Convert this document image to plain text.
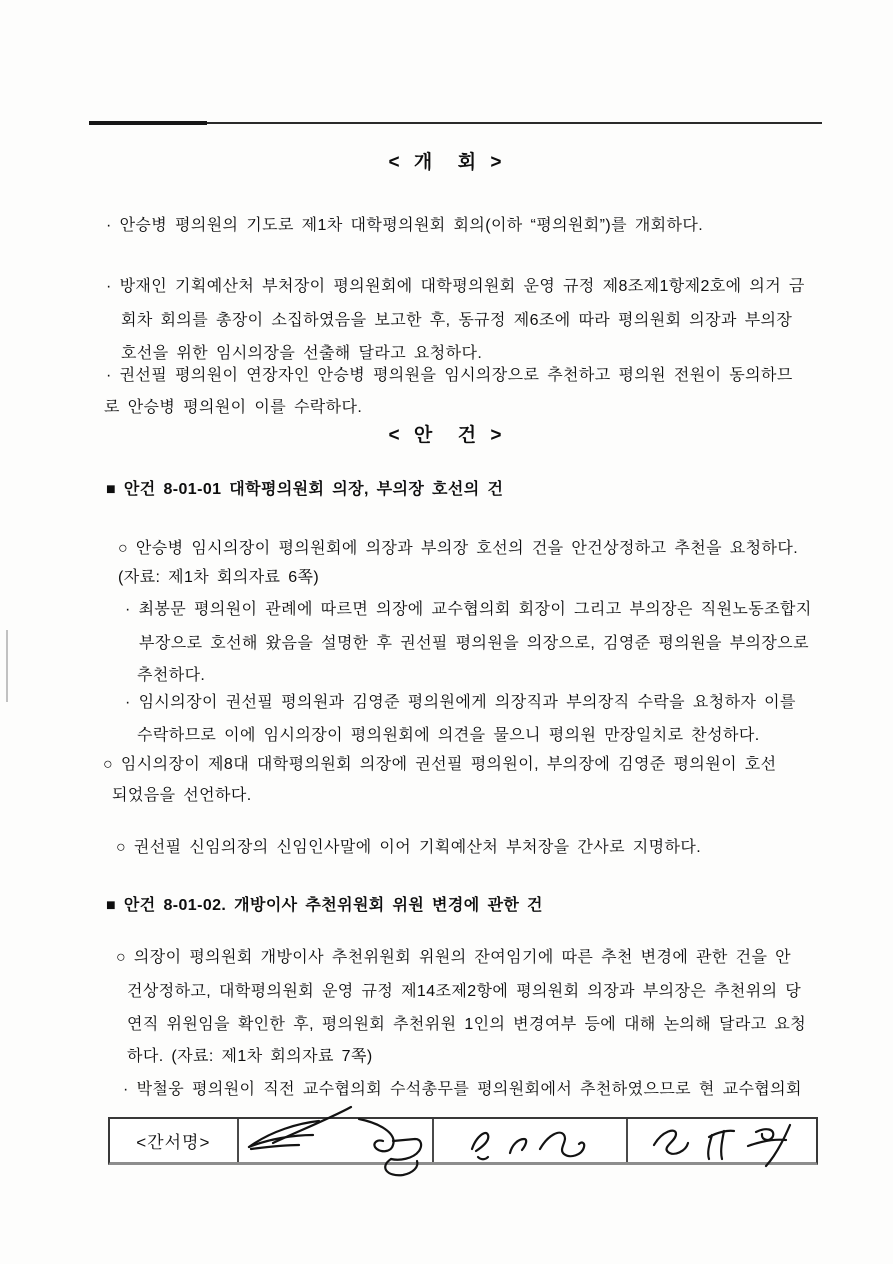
< 개  회 >
· 안승병 평의원의 기도로 제1차 대학평의원회 회의(이하 “평의원회”)를 개회하다.
· 방재인 기획예산처 부처장이 평의원회에 대학평의원회 운영 규정 제8조제1항제2호에 의거 금
회차 회의를 총장이 소집하였음을 보고한 후, 동규정 제6조에 따라 평의원회 의장과 부의장
호선을 위한 임시의장을 선출해 달라고 요청하다.
· 권선필 평의원이 연장자인 안승병 평의원을 임시의장으로 추천하고 평의원 전원이 동의하므
로 안승병 평의원이 이를 수락하다.
< 안  건 >
■ 안건 8-01-01 대학평의원회 의장, 부의장 호선의 건
○ 안승병 임시의장이 평의원회에 의장과 부의장 호선의 건을 안건상정하고 추천을 요청하다.
(자료: 제1차 회의자료 6쪽)
· 최봉문 평의원이 관례에 따르면 의장에 교수협의회 회장이 그리고 부의장은 직원노동조합지
부장으로 호선해 왔음을 설명한 후 권선필 평의원을 의장으로, 김영준 평의원을 부의장으로
추천하다.
· 임시의장이 권선필 평의원과 김영준 평의원에게 의장직과 부의장직 수락을 요청하자 이를
수락하므로 이에 임시의장이 평의원회에 의견을 물으니 평의원 만장일치로 찬성하다.
○ 임시의장이 제8대 대학평의원회 의장에 권선필 평의원이, 부의장에 김영준 평의원이 호선
되었음을 선언하다.
○ 권선필 신임의장의 신임인사말에 이어 기획예산처 부처장을 간사로 지명하다.
■ 안건 8-01-02. 개방이사 추천위원회 위원 변경에 관한 건
○ 의장이 평의원회 개방이사 추천위원회 위원의 잔여임기에 따른 추천 변경에 관한 건을 안
건상정하고, 대학평의원회 운영 규정 제14조제2항에 평의원회 의장과 부의장은 추천위의 당
연직 위원임을 확인한 후, 평의원회 추천위원 1인의 변경여부 등에 대해 논의해 달라고 요청
하다. (자료: 제1차 회의자료 7쪽)
· 박철웅 평의원이 직전 교수협의회 수석총무를 평의원회에서 추천하였으므로 현 교수협의회
<간서명>
